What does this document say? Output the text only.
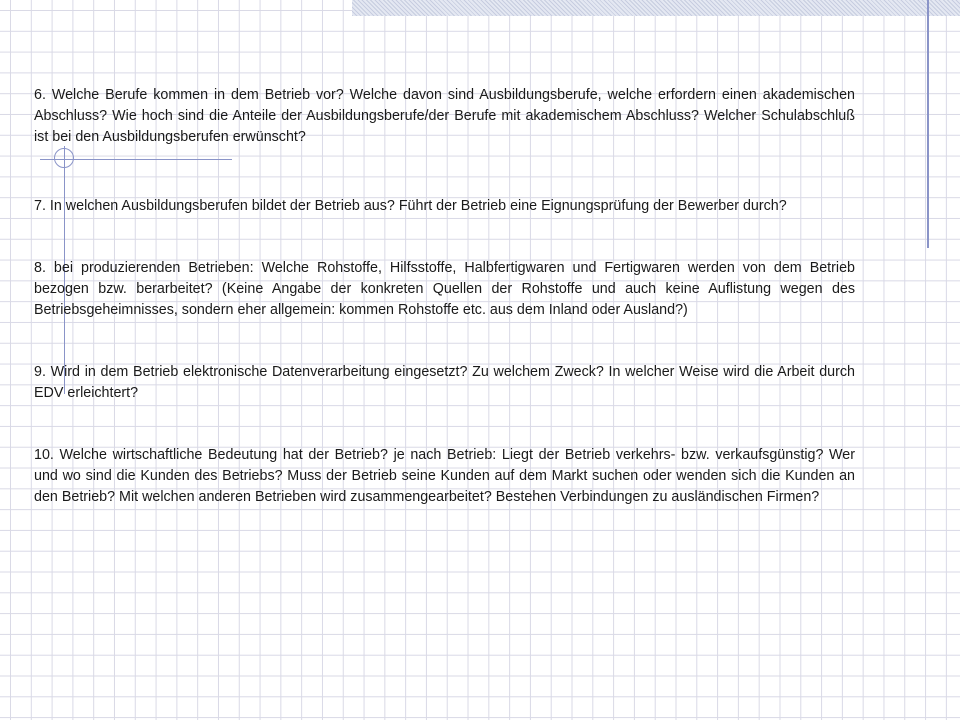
6. Welche Berufe kommen in dem Betrieb vor? Welche davon sind Ausbildungsberufe, welche erfordern einen akademischen Abschluss? Wie hoch sind die Anteile der Ausbildungsberufe/der Berufe mit akademischem Abschluss? Welcher Schulabschluß ist bei den Ausbildungsberufen erwünscht?

7. In welchen Ausbildungsberufen bildet der Betrieb aus? Führt der Betrieb eine Eignungsprüfung der Bewerber durch?

8. bei produzierenden Betrieben: Welche Rohstoffe, Hilfsstoffe, Halbfertigwaren und Fertigwaren werden von dem Betrieb bezogen bzw. berarbeitet? (Keine Angabe der konkreten Quellen der Rohstoffe und auch keine Auflistung wegen des Betriebsgeheimnisses, sondern eher allgemein: kommen Rohstoffe etc. aus dem Inland oder Ausland?)

9. Wird in dem Betrieb elektronische Datenverarbeitung eingesetzt? Zu welchem Zweck? In welcher Weise wird die Arbeit durch EDV erleichtert?

10. Welche wirtschaftliche Bedeutung hat der Betrieb? je nach Betrieb: Liegt der Betrieb verkehrs- bzw. verkaufsgünstig? Wer und wo sind die Kunden des Betriebs? Muss der Betrieb seine Kunden auf dem Markt suchen oder wenden sich die Kunden an den Betrieb? Mit welchen anderen Betrieben wird zusammengearbeitet? Bestehen Verbindungen zu ausländischen Firmen?
